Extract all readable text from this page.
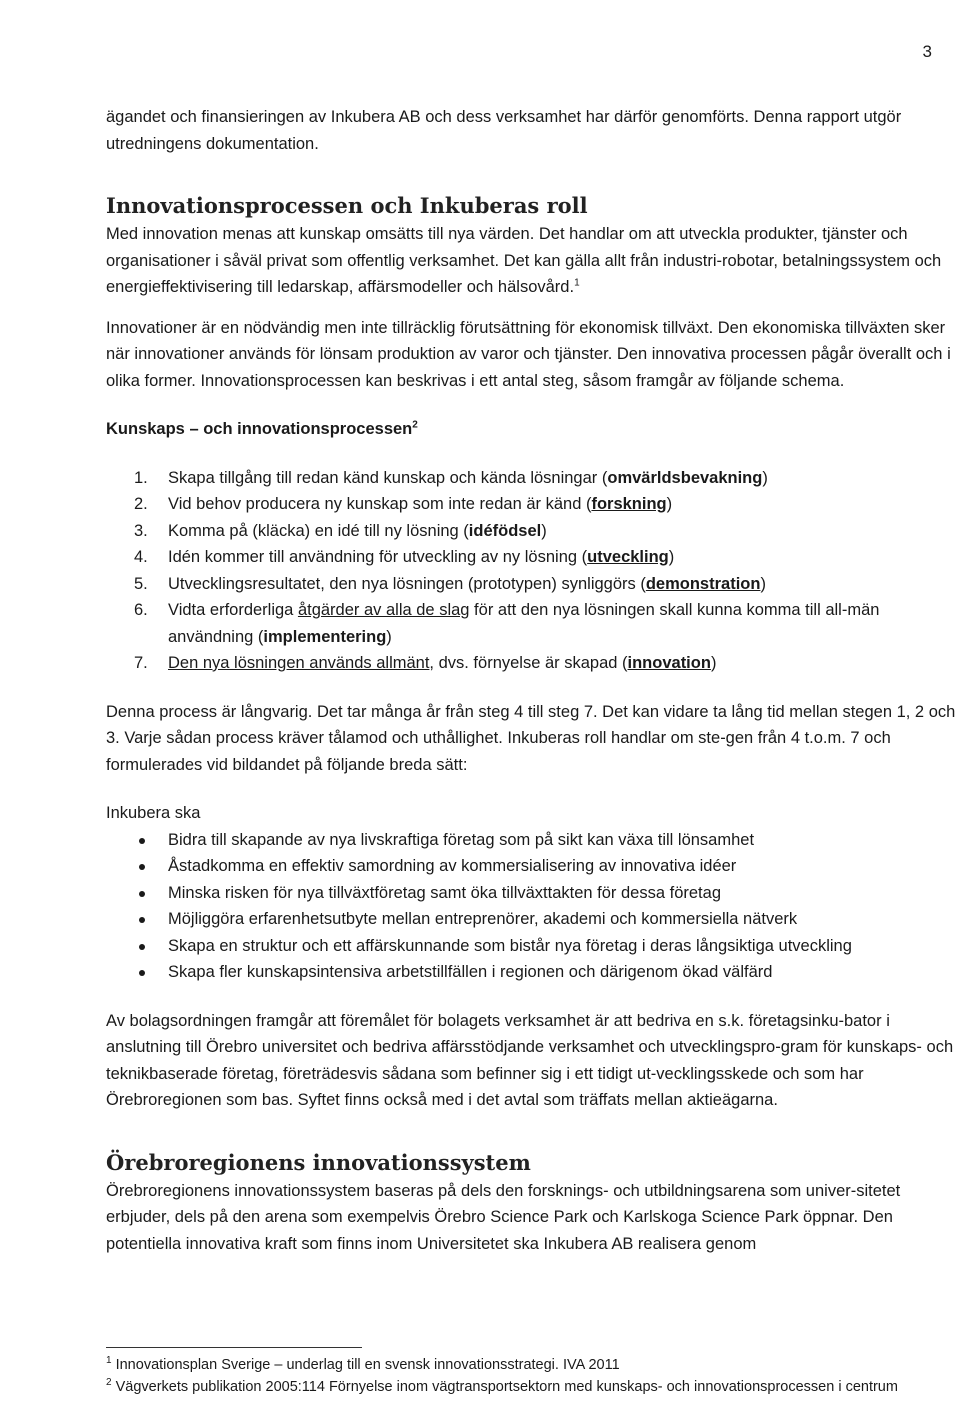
3

ägandet och finansieringen av Inkubera AB och dess verksamhet har därför genomförts. Denna rapport utgör utredningens dokumentation.

Innovationsprocessen och Inkuberas roll

Med innovation menas att kunskap omsätts till nya värden. Det handlar om att utveckla produkter, tjänster och organisationer i såväl privat som offentlig verksamhet. Det kan gälla allt från industri-robotar, betalningssystem och energieffektivisering till ledarskap, affärsmodeller och hälsovård.$^1$

Innovationer är en nödvändig men inte tillräcklig förutsättning för ekonomisk tillväxt. Den ekonomiska tillväxten sker när innovationer används för lönsam produktion av varor och tjänster. Den innovativa processen pågår överallt och i olika former. Innovationsprocessen kan beskrivas i ett antal steg, såsom framgår av följande schema.

Kunskaps – och innovationsprocessen$^2$
1. Skapa tillgång till redan känd kunskap och kända lösningar (omvärldsbevakning)
2. Vid behov producera ny kunskap som inte redan är känd (forskning)
3. Komma på (kläcka) en idé till ny lösning (idéfödsel)
4. Idén kommer till användning för utveckling av ny lösning (utveckling)
5. Utvecklingsresultatet, den nya lösningen (prototypen) synliggörs (demonstration)
6. Vidta erforderliga åtgärder av alla de slag för att den nya lösningen skall kunna komma till all-män användning (implementering)
7. Den nya lösningen används allmänt, dvs. förnyelse är skapad (innovation)

Denna process är långvarig. Det tar många år från steg 4 till steg 7. Det kan vidare ta lång tid mellan stegen 1, 2 och 3. Varje sådan process kräver tålamod och uthållighet. Inkuberas roll handlar om ste-gen från 4 t.o.m. 7 och formulerades vid bildandet på följande breda sätt:

Inkubera ska

Bidra till skapande av nya livskraftiga företag som på sikt kan växa till lönsamhet
Åstadkomma en effektiv samordning av kommersialisering av innovativa idéer
Minska risken för nya tillväxtföretag samt öka tillväxttakten för dessa företag
Möjliggöra erfarenhetsutbyte mellan entreprenörer, akademi och kommersiella nätverk
Skapa en struktur och ett affärskunnande som bistår nya företag i deras långsiktiga utveckling
Skapa fler kunskapsintensiva arbetstillfällen i regionen och därigenom ökad välfärd

Av bolagsordningen framgår att föremålet för bolagets verksamhet är att bedriva en s.k. företagsinku-bator i anslutning till Örebro universitet och bedriva affärsstödjande verksamhet och utvecklingspro-gram för kunskaps- och teknikbaserade företag, företrädesvis sådana som befinner sig i ett tidigt ut-vecklingsskede och som har Örebroregionen som bas. Syftet finns också med i det avtal som träffats mellan aktieägarna.

Örebroregionens innovationssystem

Örebroregionens innovationssystem baseras på dels den forsknings- och utbildningsarena som univer-sitetet erbjuder, dels på den arena som exempelvis Örebro Science Park och Karlskoga Science Park öppnar. Den potentiella innovativa kraft som finns inom Universitetet ska Inkubera AB realisera genom

$^1$ Innovationsplan Sverige – underlag till en svensk innovationsstrategi. IVA 2011

$^2$ Vägverkets publikation 2005:114 Förnyelse inom vägtransportsektorn med kunskaps- och innovationsprocessen i centrum
